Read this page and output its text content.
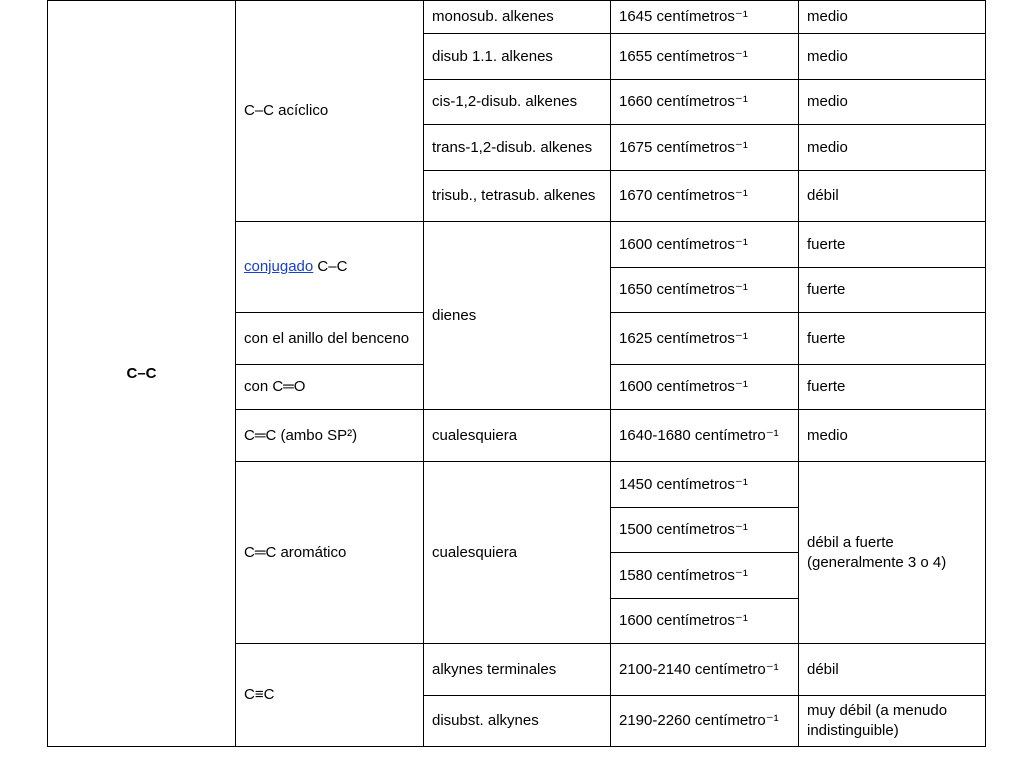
C–C	C–C acíclico	monosub. alkenes	1645 centímetros⁻¹	medio
		disub 1.1. alkenes	1655 centímetros⁻¹	medio
		cis-1,2-disub. alkenes	1660 centímetros⁻¹	medio
		trans-1,2-disub. alkenes	1675 centímetros⁻¹	medio
		trisub., tetrasub. alkenes	1670 centímetros⁻¹	débil
	conjugado C–C	dienes	1600 centímetros⁻¹	fuerte
			1650 centímetros⁻¹	fuerte
	con el anillo del benceno		1625 centímetros⁻¹	fuerte
	con C═O		1600 centímetros⁻¹	fuerte
	C═C (ambo SP²)	cualesquiera	1640-1680 centímetro⁻¹	medio
	C═C aromático	cualesquiera	1450 centímetros⁻¹	débil a fuerte (generalmente 3 o 4)
			1500 centímetros⁻¹	
			1580 centímetros⁻¹	
			1600 centímetros⁻¹	
	C≡C	alkynes terminales	2100-2140 centímetro⁻¹	débil
		disubst. alkynes	2190-2260 centímetro⁻¹	muy débil (a menudo indistinguible)
